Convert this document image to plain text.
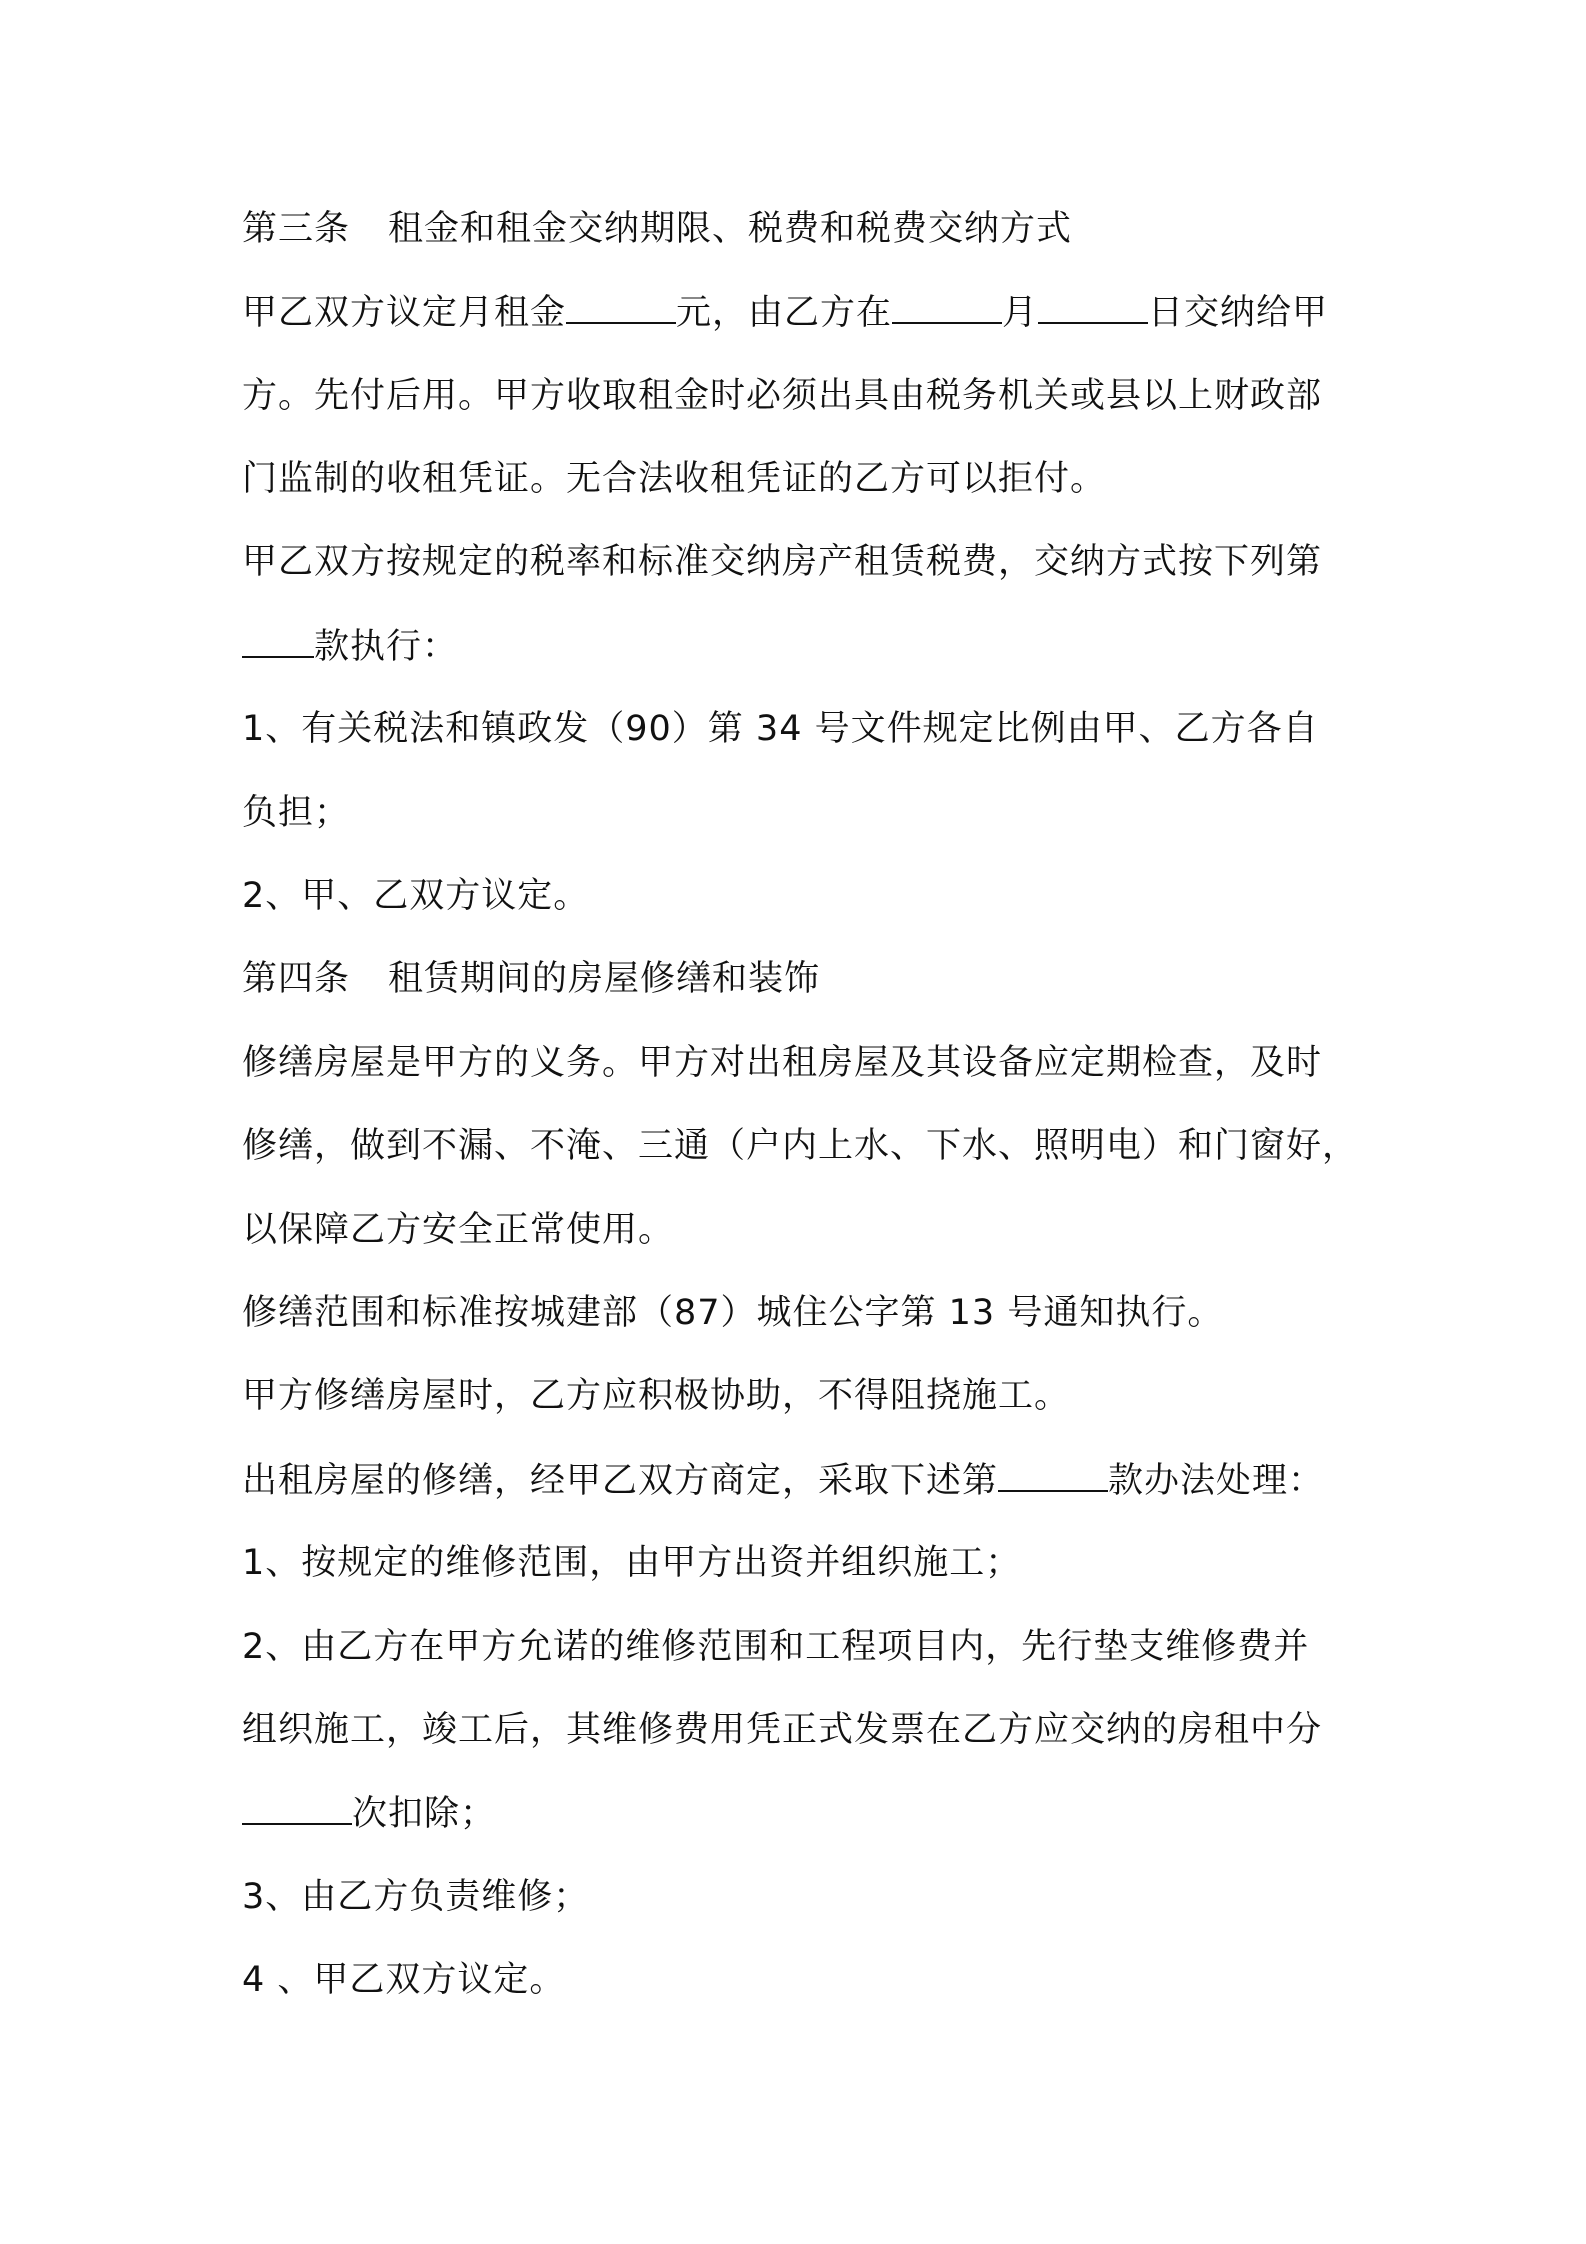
第三条 租金和租金交纳期限、税费和税费交纳方式
甲乙双方议定月租金	元，由乙方在	月	日交纳给甲
方。先付后用。甲方收取租金时必须出具由税务机关或县以上财政部
门监制的收租凭证。无合法收租凭证的乙方可以拒付。
甲乙双方按规定的税率和标准交纳房产租赁税费，交纳方式按下列第
款执行：
1、有关税法和镇政发（90）第 34 号文件规定比例由甲、乙方各自
负担；
2、甲、乙双方议定。
第四条 租赁期间的房屋修缮和装饰
修缮房屋是甲方的义务。甲方对出租房屋及其设备应定期检查，及时
修缮，做到不漏、不淹、三通（户内上水、下水、照明电）和门窗好，
以保障乙方安全正常使用。
修缮范围和标准按城建部（87）城住公字第 13 号通知执行。
甲方修缮房屋时，乙方应积极协助，不得阻挠施工。
出租房屋的修缮，经甲乙双方商定，采取下述第	款办法处理：
1、按规定的维修范围，由甲方出资并组织施工；
2、由乙方在甲方允诺的维修范围和工程项目内，先行垫支维修费并
组织施工，竣工后，其维修费用凭正式发票在乙方应交纳的房租中分
次扣除；
3、由乙方负责维修；
4 、甲乙双方议定。
